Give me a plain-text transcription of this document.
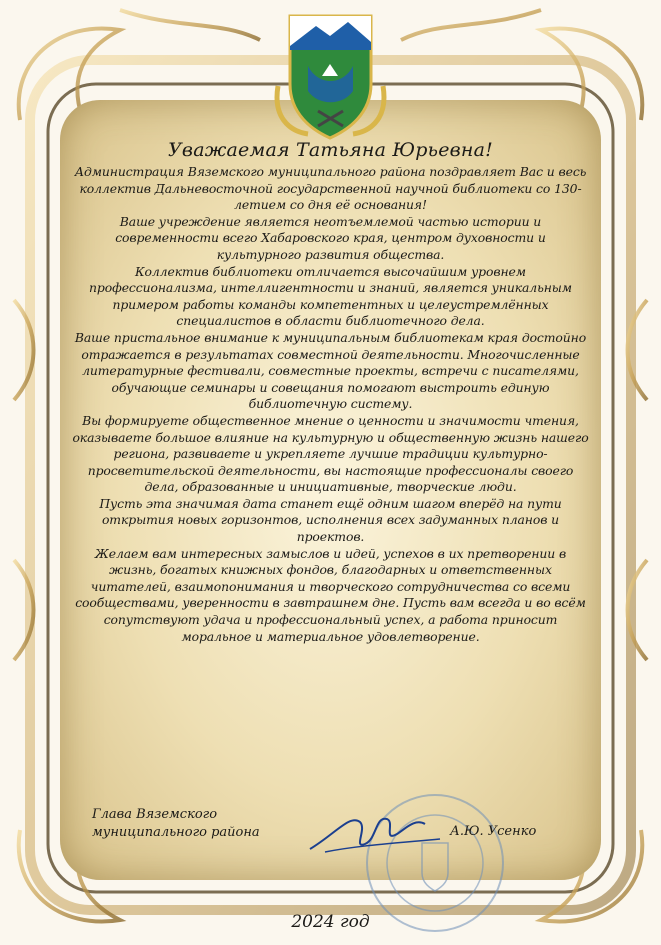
Уважаемая Татьяна Юрьевна!

Администрация Вяземского муниципального района поздравляет Вас и весь коллектив Дальневосточной государственной научной библиотеки со 130-летием со дня её основания!

Ваше учреждение является неотъемлемой частью истории и современности всего Хабаровского края, центром духовности и культурного развития общества.

Коллектив библиотеки отличается высочайшим уровнем профессионализма, интеллигентности и знаний, является уникальным примером работы команды компетентных и целеустремлённых специалистов в области библиотечного дела.

Ваше пристальное внимание к муниципальным библиотекам края достойно отражается в результатах совместной деятельности. Многочисленные литературные фестивали, совместные проекты, встречи с писателями, обучающие семинары и совещания помогают выстроить единую библиотечную систему.

Вы формируете общественное мнение о ценности и значимости чтения, оказываете большое влияние на культурную и общественную жизнь нашего региона, развиваете и укрепляете лучшие традиции культурно-просветительской деятельности, вы настоящие профессионалы своего дела, образованные и инициативные, творческие люди.

Пусть эта значимая дата станет ещё одним шагом вперёд на пути открытия новых горизонтов, исполнения всех задуманных планов и проектов.

Желаем вам интересных замыслов и идей, успехов в их претворении в жизнь, богатых книжных фондов, благодарных и ответственных читателей, взаимопонимания и творческого сотрудничества со всеми сообществами, уверенности в завтрашнем дне. Пусть вам всегда и во всём сопутствуют удача и профессиональный успех, а работа приносит моральное и материальное удовлетворение.

Глава Вяземского
муниципального района	А.Ю. Усенко
2024 год
